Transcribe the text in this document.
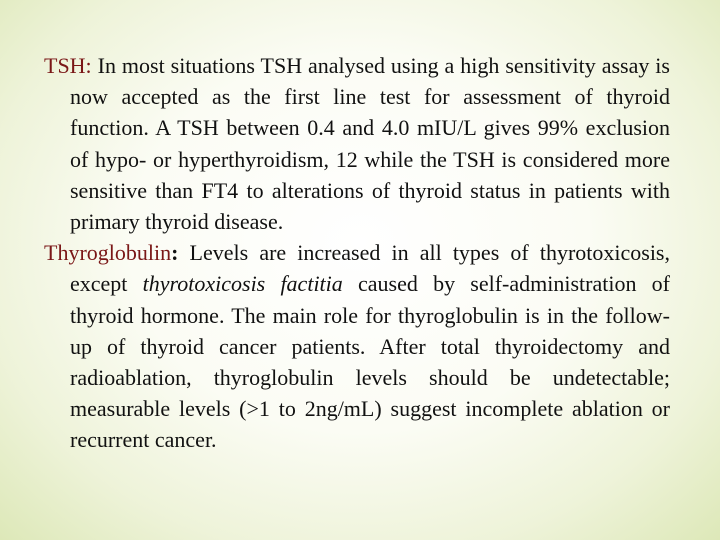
TSH: In most situations TSH analysed using a high sensitivity assay is now accepted as the first line test for assessment of thyroid function. A TSH between 0.4 and 4.0 mIU/L gives 99% exclusion of hypo- or hyperthyroidism, 12 while the TSH is considered more sensitive than FT4 to alterations of thyroid status in patients with primary thyroid disease.

Thyroglobulin: Levels are increased in all types of thyrotoxicosis, except thyrotoxicosis factitia caused by self-administration of thyroid hormone. The main role for thyroglobulin is in the follow-up of thyroid cancer patients. After total thyroidectomy and radioablation, thyroglobulin levels should be undetectable; measurable levels (>1 to 2ng/mL) suggest incomplete ablation or recurrent cancer.
